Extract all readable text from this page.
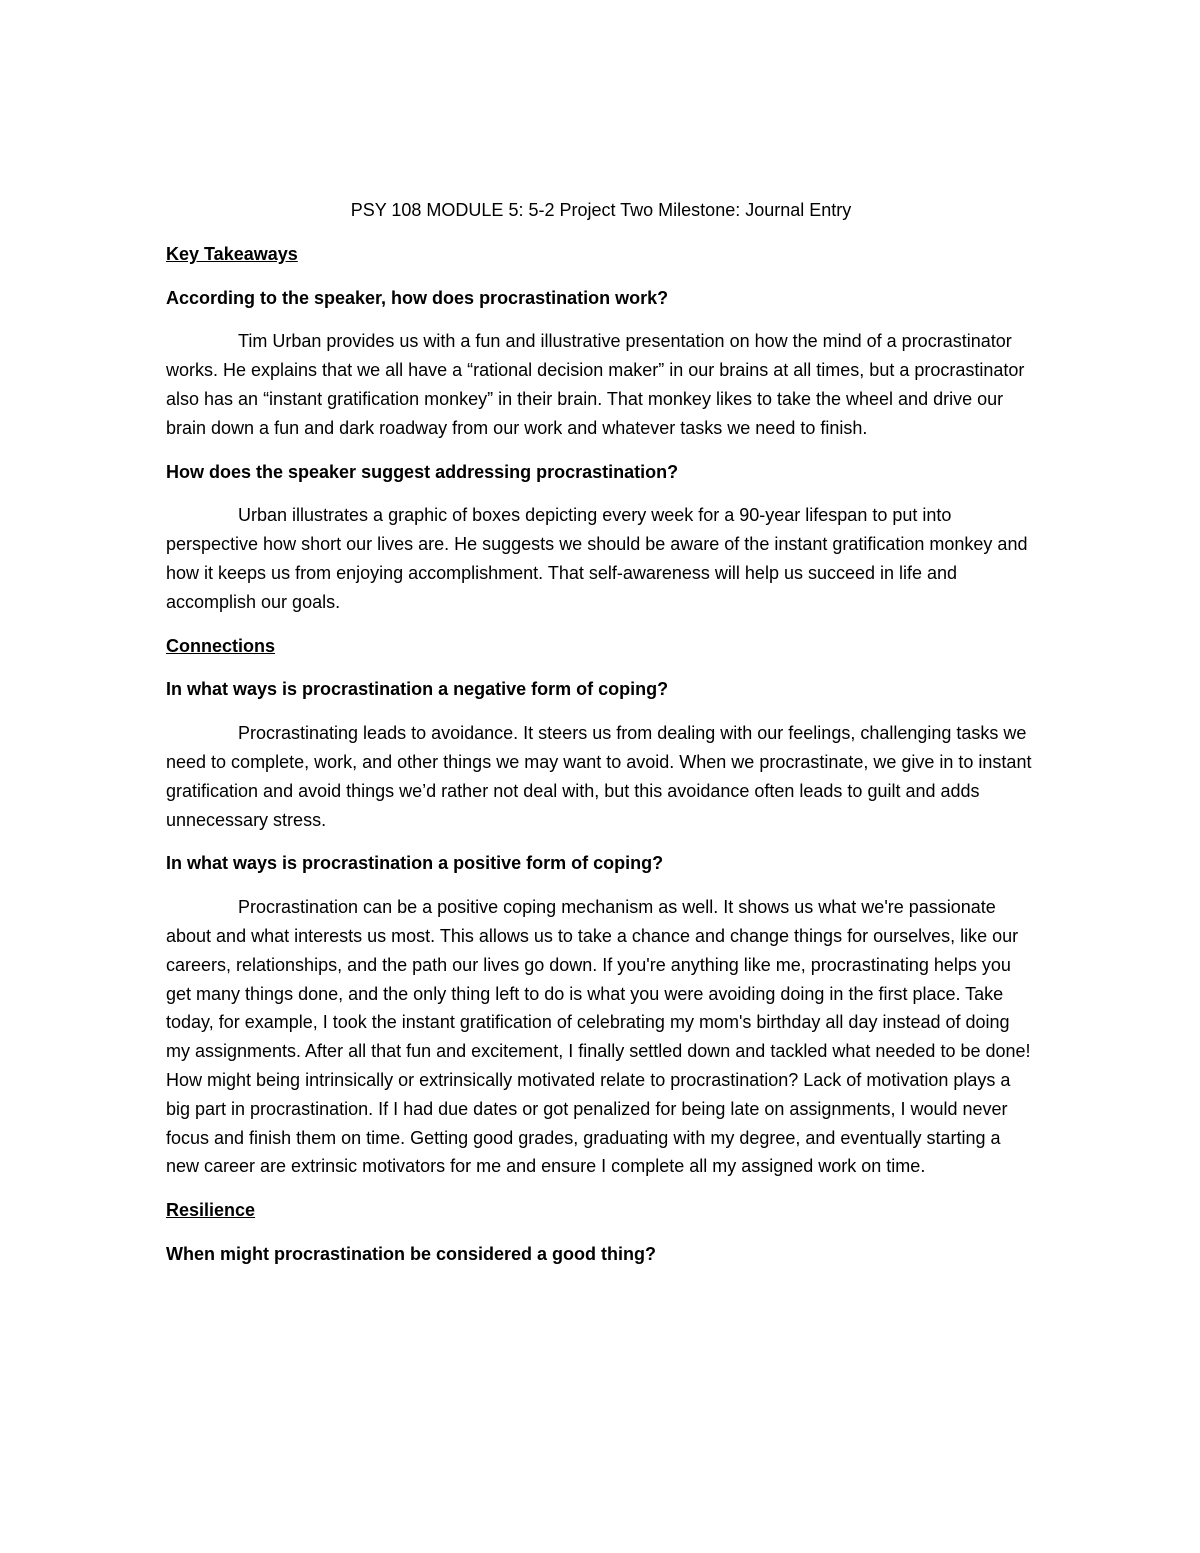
PSY 108 MODULE 5: 5-2 Project Two Milestone: Journal Entry
Key Takeaways
According to the speaker, how does procrastination work?
Tim Urban provides us with a fun and illustrative presentation on how the mind of a procrastinator works. He explains that we all have a “rational decision maker” in our brains at all times, but a procrastinator also has an “instant gratification monkey” in their brain. That monkey likes to take the wheel and drive our brain down a fun and dark roadway from our work and whatever tasks we need to finish.
How does the speaker suggest addressing procrastination?
Urban illustrates a graphic of boxes depicting every week for a 90-year lifespan to put into perspective how short our lives are. He suggests we should be aware of the instant gratification monkey and how it keeps us from enjoying accomplishment. That self-awareness will help us succeed in life and accomplish our goals.
Connections
In what ways is procrastination a negative form of coping?
Procrastinating leads to avoidance. It steers us from dealing with our feelings, challenging tasks we need to complete, work, and other things we may want to avoid. When we procrastinate, we give in to instant gratification and avoid things we’d rather not deal with, but this avoidance often leads to guilt and adds unnecessary stress.
In what ways is procrastination a positive form of coping?
Procrastination can be a positive coping mechanism as well. It shows us what we're passionate about and what interests us most. This allows us to take a chance and change things for ourselves, like our careers, relationships, and the path our lives go down. If you're anything like me, procrastinating helps you get many things done, and the only thing left to do is what you were avoiding doing in the first place. Take today, for example, I took the instant gratification of celebrating my mom's birthday all day instead of doing my assignments. After all that fun and excitement, I finally settled down and tackled what needed to be done! How might being intrinsically or extrinsically motivated relate to procrastination? Lack of motivation plays a big part in procrastination. If I had due dates or got penalized for being late on assignments, I would never focus and finish them on time. Getting good grades, graduating with my degree, and eventually starting a new career are extrinsic motivators for me and ensure I complete all my assigned work on time.
Resilience
When might procrastination be considered a good thing?
